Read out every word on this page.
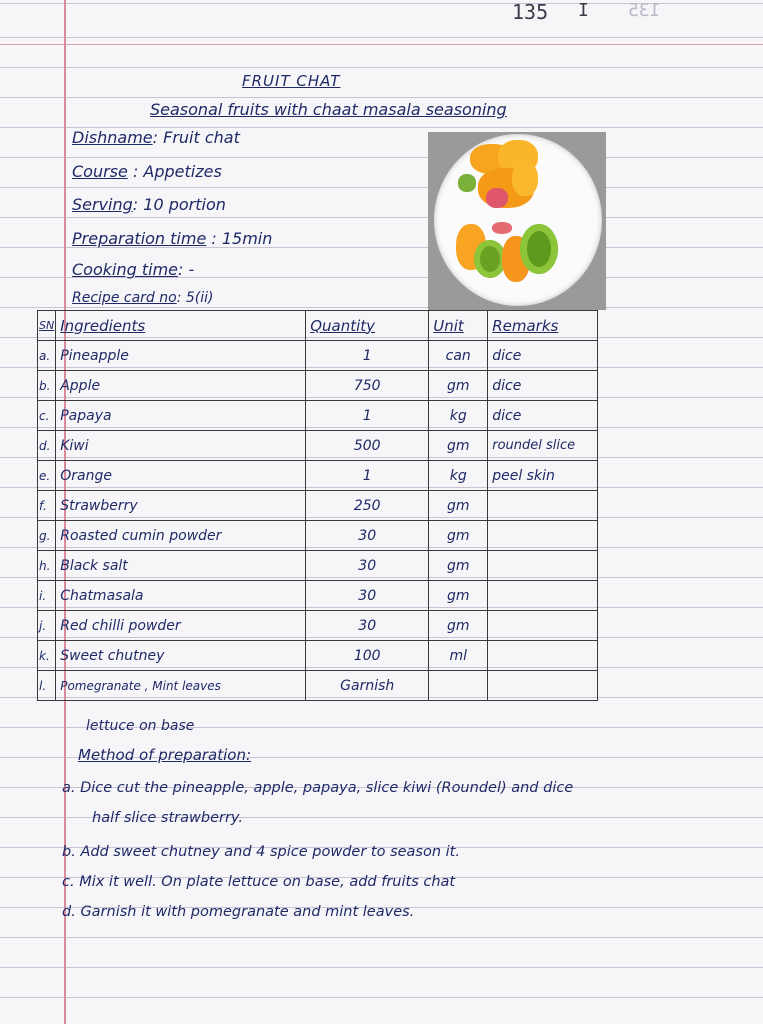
135 I 135
FRUIT CHAT
Seasonal fruits with chaat masala seasoning
Dishname: Fruit chat
Course : Appetizes
Serving: 10 portion
Preparation time : 15min
Cooking time: -
Recipe card no: 5(ii)
SN	Ingredients	Quantity	Unit	Remarks
a.	Pineapple	1	can	dice
b.	Apple	750	gm	dice
c.	Papaya	1	kg	dice
d.	Kiwi	500	gm	roundel slice
e.	Orange	1	kg	peel skin
f.	Strawberry	250	gm	
g.	Roasted cumin powder	30	gm	
h.	Black salt	30	gm	
i.	Chatmasala	30	gm	
j.	Red chilli powder	30	gm	
k.	Sweet chutney	100	ml	
l.	Pomegranate , Mint leaves	Garnish		
lettuce on base
Method of preparation:
a. Dice cut the pineapple, apple, papaya, slice kiwi (Roundel) and dice
half slice strawberry.
b. Add sweet chutney and 4 spice powder to season it.
c. Mix it well. On plate lettuce on base, add fruits chat
d. Garnish it with pomegranate and mint leaves.
